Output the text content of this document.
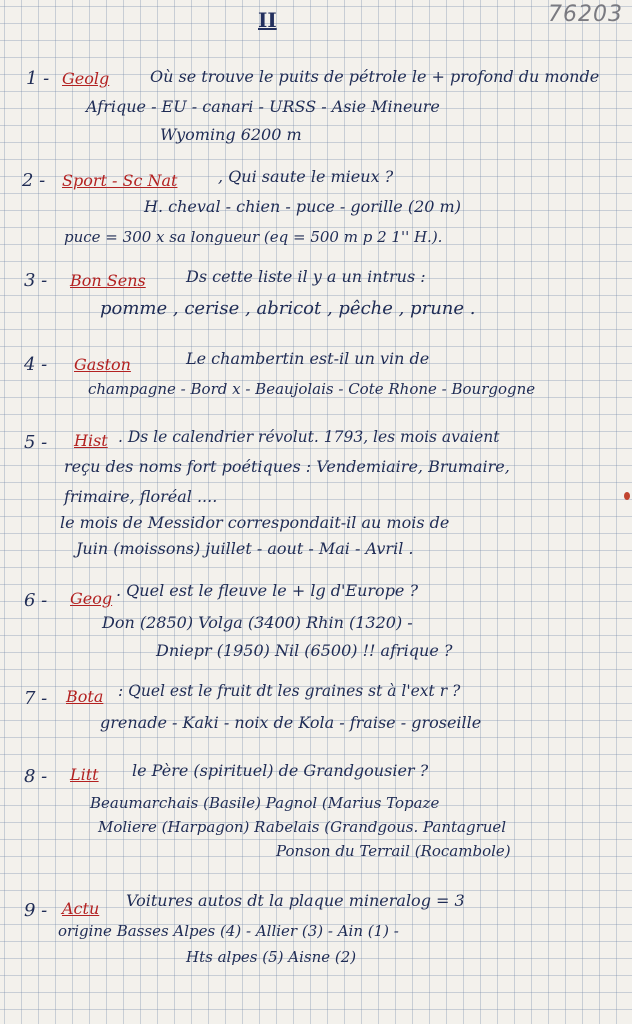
II	76203
1 - Geolg	Où se trouve le puits de pétrole le + profond du monde
Afrique - EU - canari - URSS - Asie Mineure
Wyoming 6200 m
2 - Sport - Sc Nat	, Qui saute le mieux ?
H. cheval - chien - puce - gorille (20 m)
puce = 300 x sa longueur (eq = 500 m p 2 1'' H.).
3 - Bon Sens	Ds cette liste il y a un intrus :
pomme , cerise , abricot , pêche , prune .
4 - Gaston	Le chambertin est-il un vin de
champagne - Bord x - Beaujolais - Cote Rhone - Bourgogne
5 - Hist . Ds le calendrier révolut. 1793, les mois avaient
reçu des noms fort poétiques : Vendemiaire, Brumaire,
frimaire, floréal ....
le mois de Messidor correspondait-il au mois de
Juin (moissons) juillet - aout - Mai - Avril .
6 - Geog . Quel est le fleuve le + lg d'Europe ?
Don (2850) Volga (3400) Rhin (1320) -
Dniepr (1950) Nil (6500) !! afrique ?
7 - Bota : Quel est le fruit dt les graines st à l'ext r ?
grenade - Kaki - noix de Kola - fraise - groseille
8 - Litt le Père (spirituel) de Grandgousier ?
Beaumarchais (Basile) Pagnol (Marius Topaze
Moliere (Harpagon) Rabelais (Grandgous. Pantagruel
Ponson du Terrail (Rocambole)
9 - Actu Voitures autos dt la plaque mineralog = 3
origine Basses Alpes (4) - Allier (3) - Ain (1) -
Hts alpes (5) Aisne (2)
